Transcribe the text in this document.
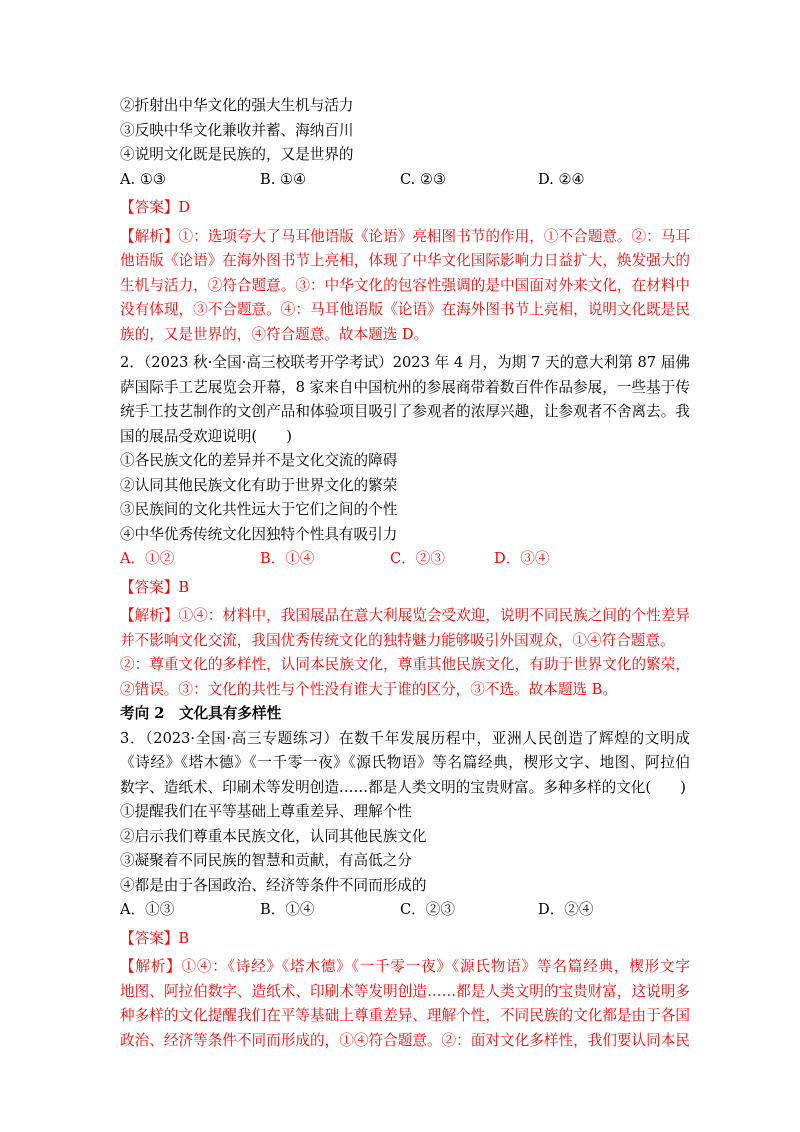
②折射出中华文化的强大生机与活力
③反映中华文化兼收并蓄、海纳百川
④说明文化既是民族的，又是世界的
A. ①③	B. ①④	C. ②③	D. ②④
【答案】D
【解析】①：选项夸大了马耳他语版《论语》亮相图书节的作用，①不合题意。②：马耳
他语版《论语》在海外图书节上亮相，体现了中华文化国际影响力日益扩大，焕发强大的
生机与活力，②符合题意。③：中华文化的包容性强调的是中国面对外来文化，在材料中
没有体现，③不合题意。④：马耳他语版《论语》在海外图书节上亮相，说明文化既是民
族的，又是世界的，④符合题意。故本题选 D。
2．（2023 秋·全国·高三校联考开学考试）2023 年 4 月，为期 7 天的意大利第 87 届佛
萨国际手工艺展览会开幕，8 家来自中国杭州的参展商带着数百件作品参展，一些基于传
统手工技艺制作的文创产品和体验项目吸引了参观者的浓厚兴趣，让参观者不舍离去。我
国的展品受欢迎说明(　　)
①各民族文化的差异并不是文化交流的障碍
②认同其他民族文化有助于世界文化的繁荣
③民族间的文化共性远大于它们之间的个性
④中华优秀传统文化因独特个性具有吸引力
A．①②	B．①④	C．②③	D．③④
【答案】B
【解析】①④：材料中，我国展品在意大利展览会受欢迎，说明不同民族之间的个性差异
并不影响文化交流，我国优秀传统文化的独特魅力能够吸引外国观众，①④符合题意。
②：尊重文化的多样性，认同本民族文化，尊重其他民族文化，有助于世界文化的繁荣，
②错误。③：文化的共性与个性没有谁大于谁的区分，③不选。故本题选 B。
考向 2　文化具有多样性
3．（2023·全国·高三专题练习）在数千年发展历程中，亚洲人民创造了辉煌的文明成
《诗经》《塔木德》《一千零一夜》《源氏物语》等名篇经典，楔形文字、地图、阿拉伯
数字、造纸术、印刷术等发明创造……都是人类文明的宝贵财富。多种多样的文化(　　)
①提醒我们在平等基础上尊重差异、理解个性
②启示我们尊重本民族文化，认同其他民族文化
③凝聚着不同民族的智慧和贡献，有高低之分
④都是由于各国政治、经济等条件不同而形成的
A．①③	B．①④	C．②③	D．②④
【答案】B
【解析】①④：《诗经》《塔木德》《一千零一夜》《源氏物语》等名篇经典，楔形文字
地图、阿拉伯数字、造纸术、印刷术等发明创造……都是人类文明的宝贵财富，这说明多
种多样的文化提醒我们在平等基础上尊重差异、理解个性，不同民族的文化都是由于各国
政治、经济等条件不同而形成的，①④符合题意。②：面对文化多样性，我们要认同本民
